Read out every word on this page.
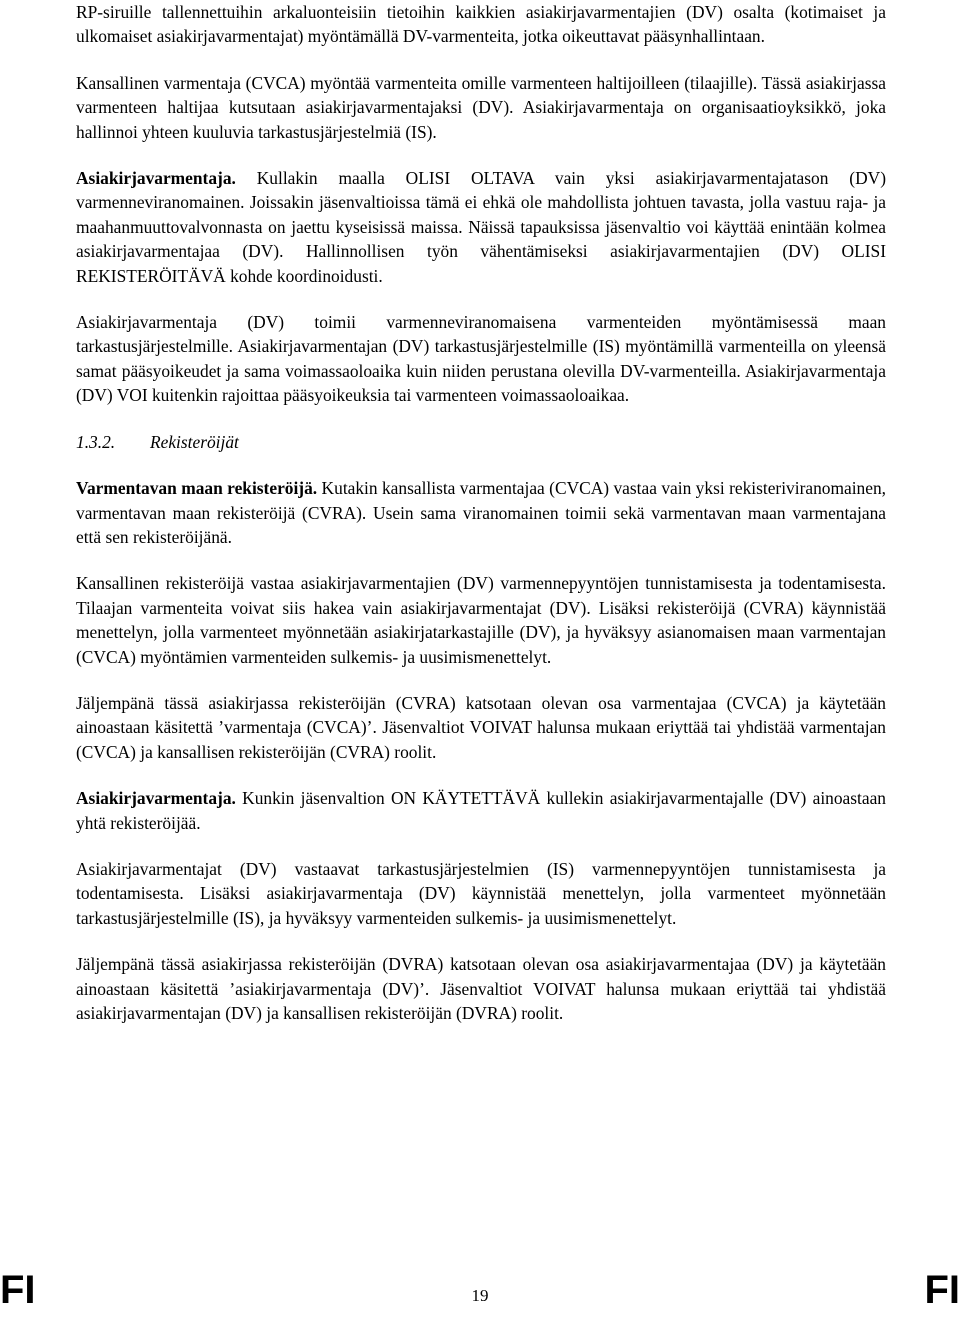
RP-siruille tallennettuihin arkaluonteisiin tietoihin kaikkien asiakirjavarmentajien (DV) osalta (kotimaiset ja ulkomaiset asiakirjavarmentajat) myöntämällä DV-varmenteita, jotka oikeuttavat pääsynhallintaan.

Kansallinen varmentaja (CVCA) myöntää varmenteita omille varmenteen haltijoilleen (tilaajille). Tässä asiakirjassa varmenteen haltijaa kutsutaan asiakirjavarmentajaksi (DV). Asiakirjavarmentaja on organisaatioyksikkö, joka hallinnoi yhteen kuuluvia tarkastusjärjestelmiä (IS).

Asiakirjavarmentaja. Kullakin maalla OLISI OLTAVA vain yksi asiakirjavarmentajatason (DV) varmenneviranomainen. Joissakin jäsenvaltioissa tämä ei ehkä ole mahdollista johtuen tavasta, jolla vastuu raja- ja maahanmuuttovalvonnasta on jaettu kyseisissä maissa. Näissä tapauksissa jäsenvaltio voi käyttää enintään kolmea asiakirjavarmentajaa (DV). Hallinnollisen työn vähentämiseksi asiakirjavarmentajien (DV) OLISI REKISTERÖITÄVÄ kohde koordinoidusti.

Asiakirjavarmentaja (DV) toimii varmenneviranomaisena varmenteiden myöntämisessä maan tarkastusjärjestelmille. Asiakirjavarmentajan (DV) tarkastusjärjestelmille (IS) myöntämillä varmenteilla on yleensä samat pääsyoikeudet ja sama voimassaoloaika kuin niiden perustana olevilla DV-varmenteilla. Asiakirjavarmentaja (DV) VOI kuitenkin rajoittaa pääsyoikeuksia tai varmenteen voimassaoloaikaa.

1.3.2. Rekisteröijät

Varmentavan maan rekisteröijä. Kutakin kansallista varmentajaa (CVCA) vastaa vain yksi rekisteriviranomainen, varmentavan maan rekisteröijä (CVRA). Usein sama viranomainen toimii sekä varmentavan maan varmentajana että sen rekisteröijänä.

Kansallinen rekisteröijä vastaa asiakirjavarmentajien (DV) varmennepyyntöjen tunnistamisesta ja todentamisesta. Tilaajan varmenteita voivat siis hakea vain asiakirjavarmentajat (DV). Lisäksi rekisteröijä (CVRA) käynnistää menettelyn, jolla varmenteet myönnetään asiakirjatarkastajille (DV), ja hyväksyy asianomaisen maan varmentajan (CVCA) myöntämien varmenteiden sulkemis- ja uusimismenettelyt.

Jäljempänä tässä asiakirjassa rekisteröijän (CVRA) katsotaan olevan osa varmentajaa (CVCA) ja käytetään ainoastaan käsitettä ’varmentaja (CVCA)’. Jäsenvaltiot VOIVAT halunsa mukaan eriyttää tai yhdistää varmentajan (CVCA) ja kansallisen rekisteröijän (CVRA) roolit.

Asiakirjavarmentaja. Kunkin jäsenvaltion ON KÄYTETTÄVÄ kullekin asiakirjavarmentajalle (DV) ainoastaan yhtä rekisteröijää.

Asiakirjavarmentajat (DV) vastaavat tarkastusjärjestelmien (IS) varmennepyyntöjen tunnistamisesta ja todentamisesta. Lisäksi asiakirjavarmentaja (DV) käynnistää menettelyn, jolla varmenteet myönnetään tarkastusjärjestelmille (IS), ja hyväksyy varmenteiden sulkemis- ja uusimismenettelyt.

Jäljempänä tässä asiakirjassa rekisteröijän (DVRA) katsotaan olevan osa asiakirjavarmentajaa (DV) ja käytetään ainoastaan käsitettä ’asiakirjavarmentaja (DV)’. Jäsenvaltiot VOIVAT halunsa mukaan eriyttää tai yhdistää asiakirjavarmentajan (DV) ja kansallisen rekisteröijän (DVRA) roolit.

FI	19	FI
